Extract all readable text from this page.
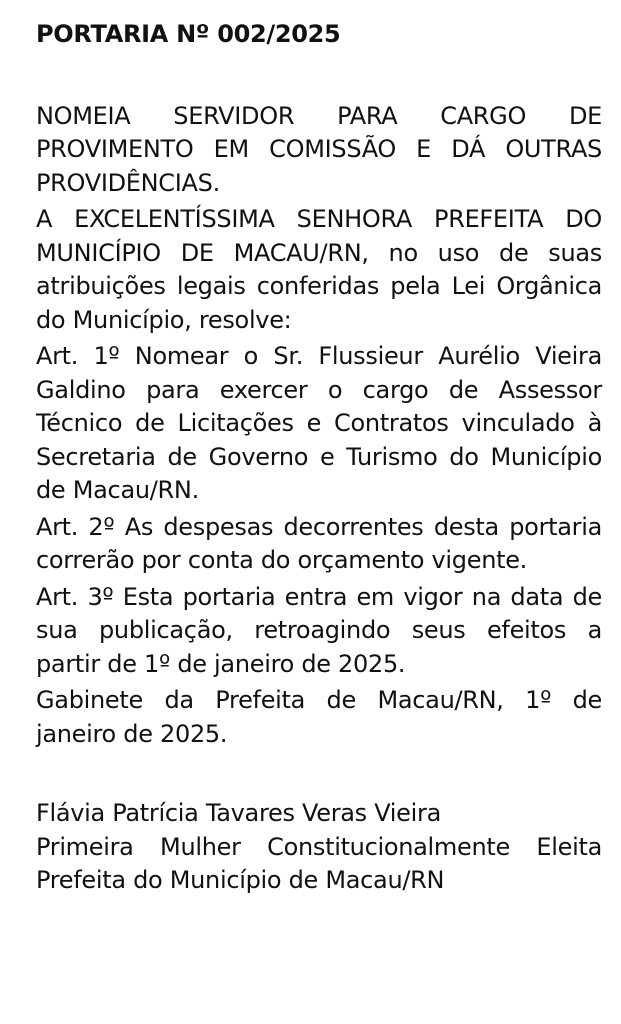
PORTARIA Nº 002/2025

NOMEIA SERVIDOR PARA CARGO DE PROVIMENTO EM COMISSÃO E DÁ OUTRAS PROVIDÊNCIAS.

A EXCELENTÍSSIMA SENHORA PREFEITA DO MUNICÍPIO DE MACAU/RN, no uso de suas atribuições legais conferidas pela Lei Orgânica do Município, resolve:

Art. 1º Nomear o Sr. Flussieur Aurélio Vieira Galdino para exercer o cargo de Assessor Técnico de Licitações e Contratos vinculado à Secretaria de Governo e Turismo do Município de Macau/RN.

Art. 2º As despesas decorrentes desta portaria correrão por conta do orçamento vigente.

Art. 3º Esta portaria entra em vigor na data de sua publicação, retroagindo seus efeitos a partir de 1º de janeiro de 2025.

Gabinete da Prefeita de Macau/RN, 1º de janeiro de 2025.

Flávia Patrícia Tavares Veras Vieira

Primeira Mulher Constitucionalmente Eleita Prefeita do Município de Macau/RN
